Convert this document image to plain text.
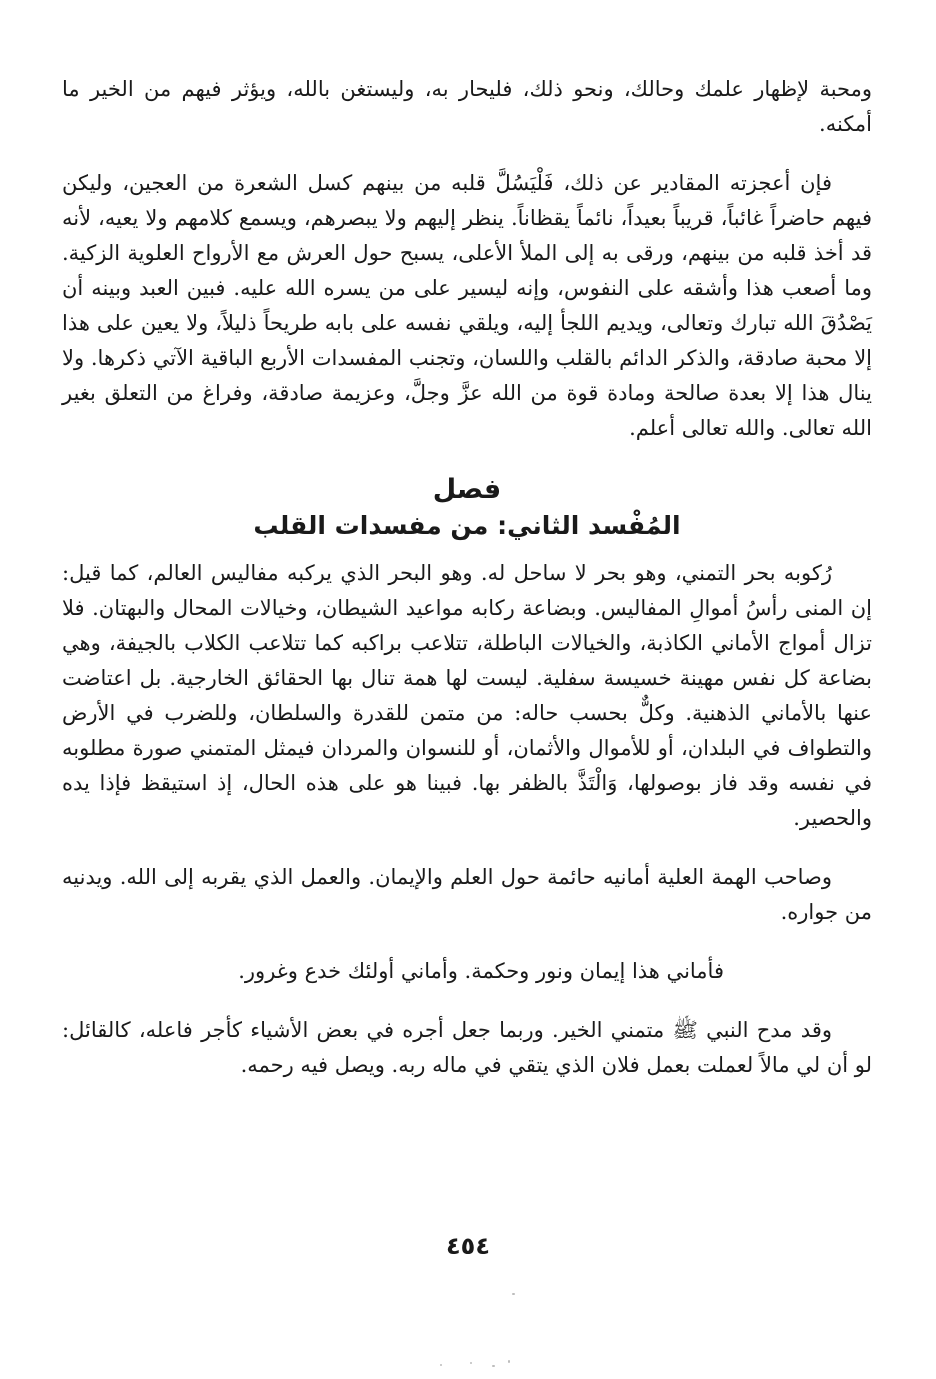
ومحبة لإظهار علمك وحالك، ونحو ذلك، فليحار به، وليستغن بالله، ويؤثر فيهم من الخير ما أمكنه.

فإن أعجزته المقادير عن ذلك، فَلْيَسُلَّ قلبه من بينهم كسل الشعرة من العجين، وليكن فيهم حاضراً غائباً، قريباً بعيداً، نائماً يقظاناً. ينظر إليهم ولا يبصرهم، ويسمع كلامهم ولا يعيه، لأنه قد أخذ قلبه من بينهم، ورقى به إلى الملأ الأعلى، يسبح حول العرش مع الأرواح العلوية الزكية. وما أصعب هذا وأشقه على النفوس، وإنه ليسير على من يسره الله عليه. فبين العبد وبينه أن يَصْدُقَ الله تبارك وتعالى، ويديم اللجأ إليه، ويلقي نفسه على بابه طريحاً ذليلاً، ولا يعين على هذا إلا محبة صادقة، والذكر الدائم بالقلب واللسان، وتجنب المفسدات الأربع الباقية الآتي ذكرها. ولا ينال هذا إلا بعدة صالحة ومادة قوة من الله عزَّ وجلَّ، وعزيمة صادقة، وفراغ من التعلق بغير الله تعالى. والله تعالى أعلم.

فصل
المُفْسد الثاني: من مفسدات القلب

رُكوبه بحر التمني، وهو بحر لا ساحل له. وهو البحر الذي يركبه مفاليس العالم، كما قيل: إن المنى رأسُ أموالِ المفاليس. وبضاعة ركابه مواعيد الشيطان، وخيالات المحال والبهتان. فلا تزال أمواج الأماني الكاذبة، والخيالات الباطلة، تتلاعب براكبه كما تتلاعب الكلاب بالجيفة، وهي بضاعة كل نفس مهينة خسيسة سفلية. ليست لها همة تنال بها الحقائق الخارجية. بل اعتاضت عنها بالأماني الذهنية. وكلٌّ بحسب حاله: من متمن للقدرة والسلطان، وللضرب في الأرض والتطواف في البلدان، أو للأموال والأثمان، أو للنسوان والمردان فيمثل المتمني صورة مطلوبه في نفسه وقد فاز بوصولها، وَالْتَذَّ بالظفر بها. فبينا هو على هذه الحال، إذ استيقظ فإذا يده والحصير.

وصاحب الهمة العلية أمانيه حائمة حول العلم والإيمان. والعمل الذي يقربه إلى الله. ويدنيه من جواره.

فأماني هذا إيمان ونور وحكمة. وأماني أولئك خدع وغرور.

وقد مدح النبي ﷺ متمني الخير. وربما جعل أجره في بعض الأشياء كأجر فاعله، كالقائل: لو أن لي مالاً لعملت بعمل فلان الذي يتقي في ماله ربه. ويصل فيه رحمه.

٤٥٤
